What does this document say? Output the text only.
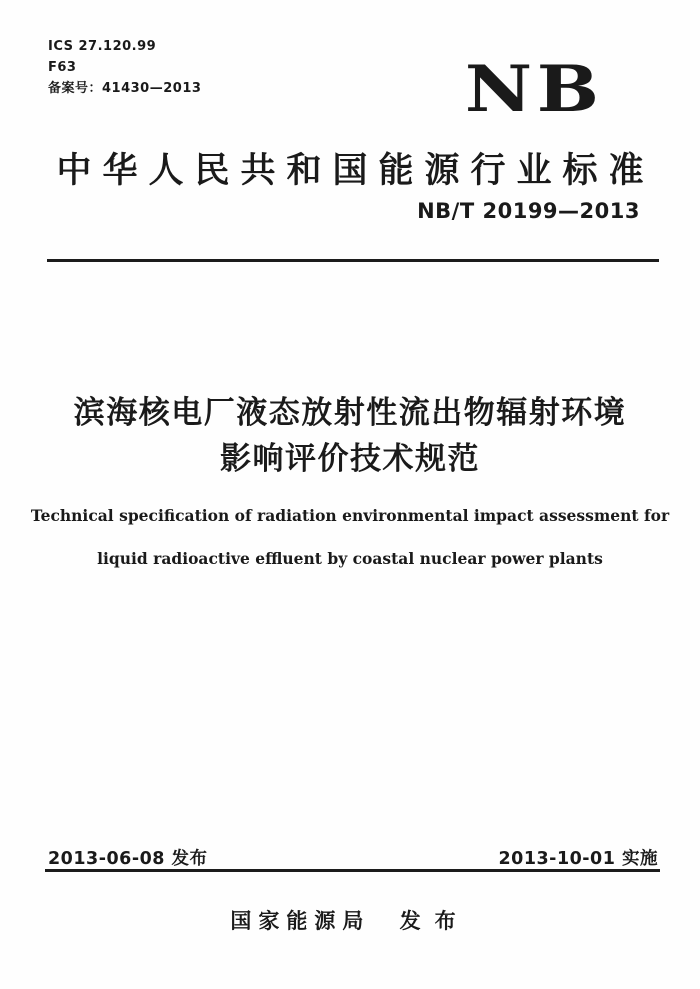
ICS 27.120.99
F63
备案号：41430—2013	NB
中华人民共和国能源行业标准
NB/T 20199—2013
滨海核电厂液态放射性流出物辐射环境
影响评价技术规范
Technical specification of radiation environmental impact assessment for
liquid radioactive effluent by coastal nuclear power plants
2013-06-08 发布	2013-10-01 实施
国家能源局 发布
